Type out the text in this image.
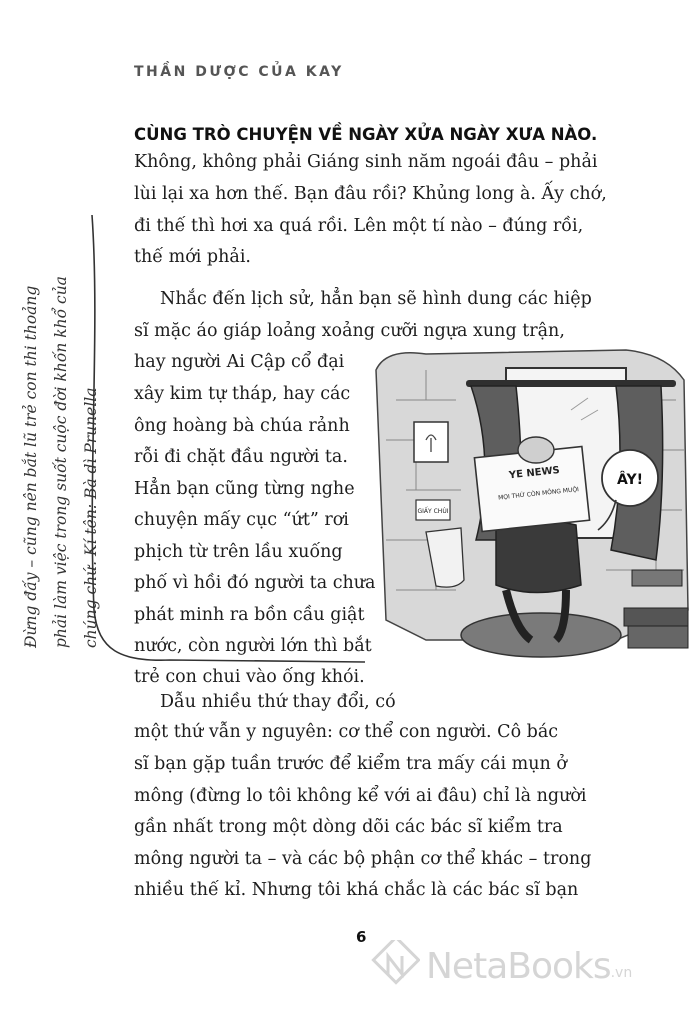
THẦN DƯỢC CỦA KAY
CÙNG TRÒ CHUYỆN VỀ NGÀY XỬA NGÀY XƯA NÀO.
Không, không phải Giáng sinh năm ngoái đâu – phải
lùi lại xa hơn thế. Bạn đâu rồi? Khủng long à. Ấy chớ,
đi thế thì hơi xa quá rồi. Lên một tí nào – đúng rồi,
thế mới phải.
Nhắc đến lịch sử, hẳn bạn sẽ hình dung các hiệp
sĩ mặc áo giáp loảng xoảng cưỡi ngựa xung trận,
hay người Ai Cập cổ đại
xây kim tự tháp, hay các
ông hoàng bà chúa rảnh
rỗi đi chặt đầu người ta.
Hẳn bạn cũng từng nghe
chuyện mấy cục “ứt” rơi
phịch từ trên lầu xuống
phố vì hồi đó người ta chưa
phát minh ra bồn cầu giật
nước, còn người lớn thì bắt
trẻ con chui vào ống khói.
Dẫu nhiều thứ thay đổi, có
một thứ vẫn y nguyên: cơ thể con người. Cô bác
sĩ bạn gặp tuần trước để kiểm tra mấy cái mụn ở
mông (đừng lo tôi không kể với ai đâu) chỉ là người
gần nhất trong một dòng dõi các bác sĩ kiểm tra
mông người ta – và các bộ phận cơ thể khác – trong
nhiều thế kỉ. Nhưng tôi khá chắc là các bác sĩ bạn
Đừng đấy – cũng nên bắt lũ trẻ con thi thoảng phải làm việc trong suốt cuộc đời khốn khổ của chúng chứ. Kí tên: Bà dì Prunella	GIẤY CHÙI
YE NEWS
MỌI THỨ CÒN MÔNG MUỘI
ÂY!
6
NetaBooks .vn
